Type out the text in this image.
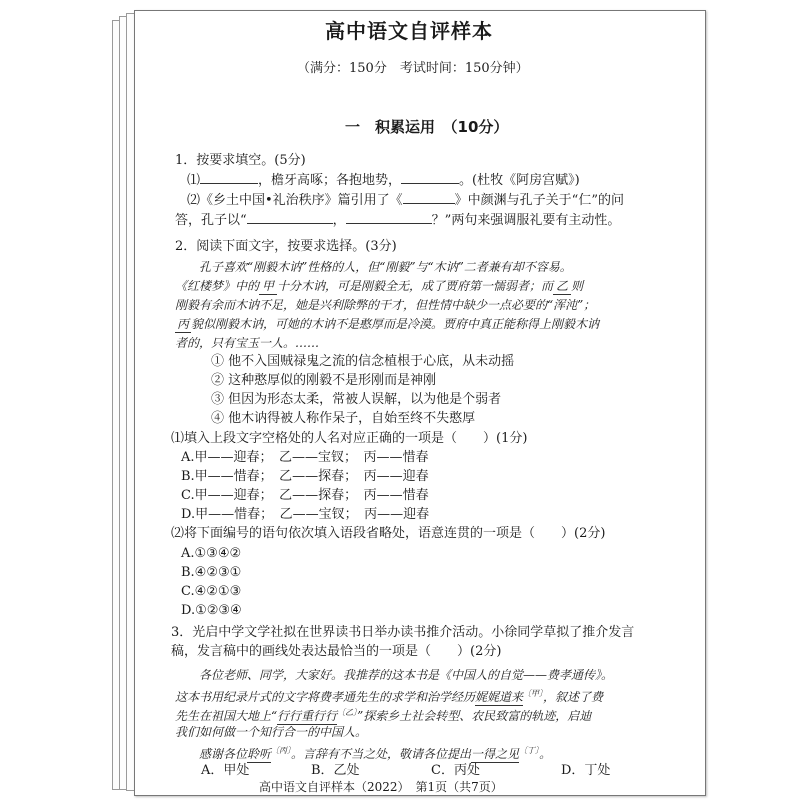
高中语文自评样本
（满分：150分　考试时间：150分钟）
一　积累运用　（10分）
1．按要求填空。(5分)
⑴	，檐牙高啄；各抱地势，	。(杜牧《阿房宫赋》)
⑵《乡土中国•礼治秩序》篇引用了《	》中颜渊与孔子关于“仁”的问
答，孔子以“	，	？”两句来强调服礼要有主动性。
2．阅读下面文字，按要求选择。(3分)
孔子喜欢“刚毅木讷”性格的人，但“刚毅”与“木讷”二者兼有却不容易。
《红楼梦》中的 甲 十分木讷，可是刚毅全无，成了贾府第一懦弱者；而 乙 则
刚毅有余而木讷不足，她是兴利除弊的干才，但性情中缺少一点必要的“浑沌”；
丙 貌似刚毅木讷，可她的木讷不是憨厚而是冷漠。贾府中真正能称得上刚毅木讷
者的，只有宝玉一人。……
① 他不入国贼禄鬼之流的信念植根于心底，从未动摇
② 这种憨厚似的刚毅不是形刚而是神刚
③ 但因为形态太柔，常被人误解，以为他是个弱者
④ 他木讷得被人称作呆子，自始至终不失憨厚
⑴填入上段文字空格处的人名对应正确的一项是（　　）(1分)
A.甲——迎春；　乙——宝钗；　丙——惜春
B.甲——惜春；　乙——探春；　丙——迎春
C.甲——迎春；　乙——探春；　丙——惜春
D.甲——惜春；　乙——宝钗；　丙——迎春
⑵将下面编号的语句依次填入语段省略处，语意连贯的一项是（　　）(2分)
A.①③④②
B.④②③①
C.④②①③
D.①②③④
3．光启中学文学社拟在世界读书日举办读书推介活动。小徐同学草拟了推介发言
稿，发言稿中的画线处表达最恰当的一项是（　　）(2分)
各位老师、同学，大家好。我推荐的这本书是《中国人的自觉——费孝通传》。
这本书用纪录片式的文字将费孝通先生的求学和治学经历娓娓道来$^{〔甲〕}$，叙述了费
先生在祖国大地上“行行重行行$^{〔乙〕}$”探索乡土社会转型、农民致富的轨迹，启迪
我们如何做一个知行合一的中国人。
感谢各位聆听$^{〔丙〕}$。言辞有不当之处，敬请各位提出一得之见$^{〔丁〕}$。
A．甲处	B．乙处	C．丙处	D．丁处
高中语文自评样本（2022）　第1页（共7页）
